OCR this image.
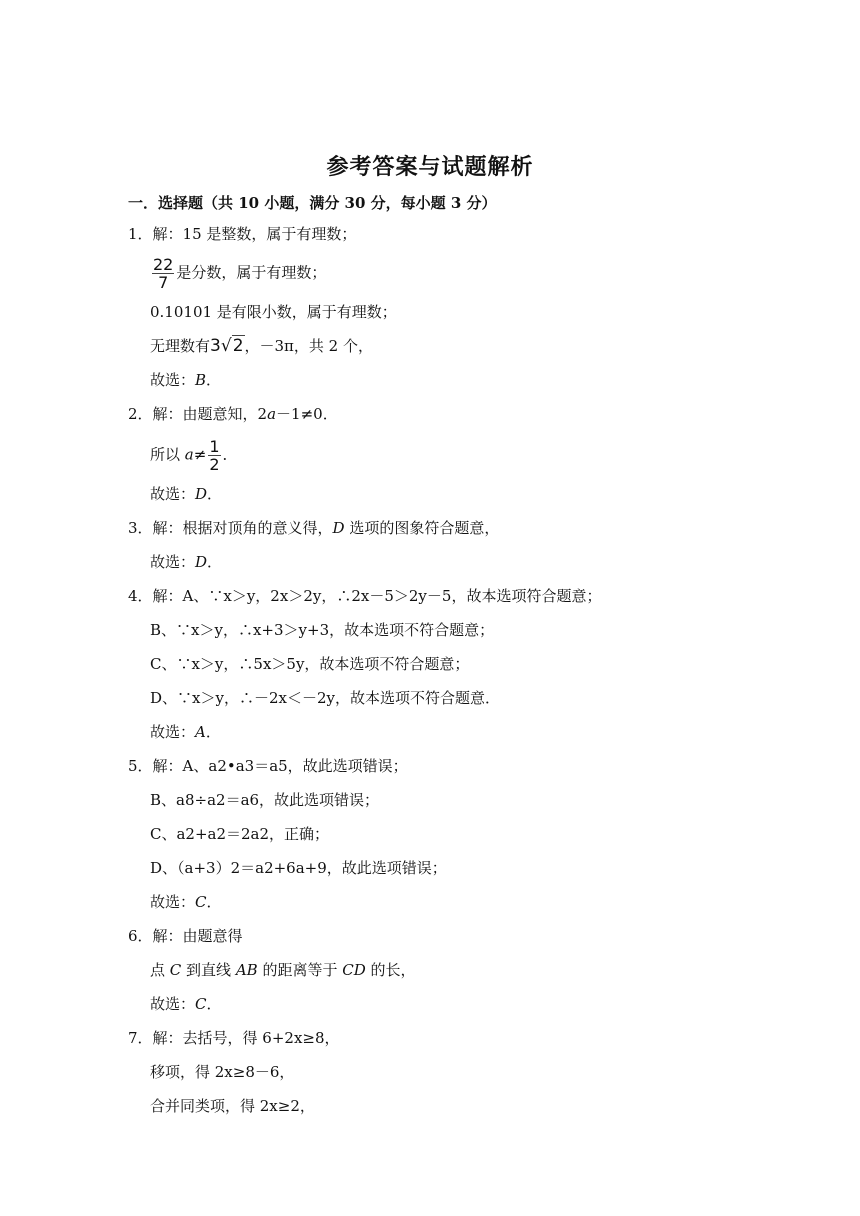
参考答案与试题解析
一．选择题（共 10 小题，满分 30 分，每小题 3 分）
1．解：15 是整数，属于有理数；
$\frac{22}{7}$ 是分数，属于有理数；
0.10101 是有限小数，属于有理数；
无理数有3√2，－3π，共 2 个，
故选：B．
2．解：由题意知，2a－1≠0．
所以 $a\ne \frac{1}{2}$ ．
故选：D．
3．解：根据对顶角的意义得，D 选项的图象符合题意，
故选：D．
4．解：A、∵x＞y，2x＞2y，∴2x－5＞2y－5，故本选项符合题意；
B、∵x＞y，∴x+3＞y+3，故本选项不符合题意；
C、∵x＞y，∴5x＞5y，故本选项不符合题意；
D、∵x＞y，∴－2x＜－2y，故本选项不符合题意．
故选：A．
5．解：A、a2•a3＝a5，故此选项错误；
B、a8÷a2＝a6，故此选项错误；
C、a2+a2＝2a2，正确；
D、（a+3）2＝a2+6a+9，故此选项错误；
故选：C．
6．解：由题意得
点 C 到直线 AB 的距离等于 CD 的长，
故选：C．
7．解：去括号，得 6+2x≥8，
移项，得 2x≥8－6，
合并同类项，得 2x≥2，
